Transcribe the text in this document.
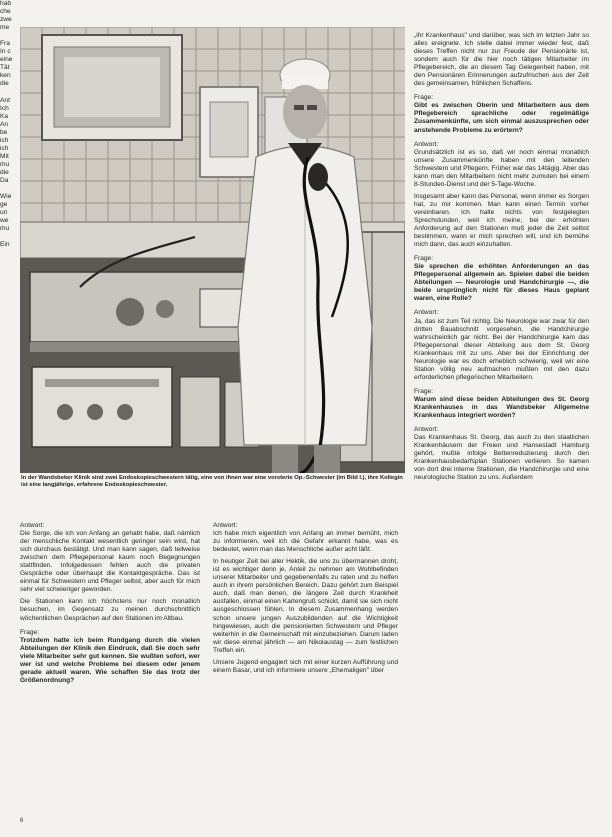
In der Wandsbeker Klinik sind zwei Endoskopieschwestern tätig, eine von ihnen war eine vorsterte Op.-Schwester (im Bild l.), ihre Kollegin ist eine langjährige, erfahrene Endoskopieschwester.
Antwort:

Die Sorge, die ich von Anfang an gehabt habe, daß nämlich der menschliche Kontakt wesentlich geringer sein wird, hat sich durchaus bestätigt. Und man kann sagen, daß teilweise zwischen dem Pflegepersonal kaum noch Begegnungen stattfinden. Infolgedessen fehlen auch die privaten Gespräche oder überhaupt die Kontaktgespräche. Das ist einmal für Schwestern und Pfleger selbst, aber auch für mich sehr viel schwieriger geworden.

Die Stationen kann ich höchstens nur noch monatlich besuchen, im Gegensatz zu meinen durchschnittlich wöchentlichen Gesprächen auf den Stationen im Altbau.

Frage:

Trotzdem hatte ich beim Rundgang durch die vielen Abteilungen der Klinik den Eindruck, daß Sie doch sehr viele Mitarbeiter sehr gut kennen. Sie wußten sofort, wer wer ist und welche Probleme bei diesem oder jenem gerade aktuell waren. Wie schaffen Sie das trotz der Größenordnung?

Antwort:

Ich habe mich eigentlich von Anfang an immer bemüht, mich zu informieren, weil ich die Gefahr erkannt habe, was es bedeutet, wenn man das Menschliche außer acht läßt.

In heutiger Zeit bei aller Hektik, die uns zu übermannen droht, ist es wichtiger denn je, Anteil zu nehmen am Wohlbefinden unserer Mitarbeiter und gegebenenfalls zu raten und zu helfen auch in ihrem persönlichen Bereich. Dazu gehört zum Beispiel auch, daß man denen, die längere Zeit durch Krankheit ausfallen, einmal einen Kartengruß schickt, damit sie sich nicht ausgeschlossen fühlen. In diesem Zusammenhang werden schon unsere jungen Auszubildenden auf die Wichtigkeit hingewiesen, auch die pensionierten Schwestern und Pfleger weiterhin in die Gemeinschaft mit einzubeziehen. Darum laden wir diese einmal jährlich — am Nikolaustag — zum festlichen Treffen ein.

Unsere Jugend engagiert sich mit einer kurzen Aufführung und einem Basar, und ich informiere unsere „Ehemaligen" über

„ihr Krankenhaus" und darüber, was sich im letzten Jahr so alles ereignete. Ich stelle dabei immer wieder fest, daß dieses Treffen nicht nur zur Freude der Pensionärte ist, sondern auch für die hier noch tätigen Mitarbeiter im Pflegebereich, die an diesem Tag Gelegenheit haben, mit den Pensionären Erinnerungen aufzufrischen aus der Zeit des gemeinsamen, fröhlichen Schaffens.

Frage:

Gibt es zwischen Oberin und Mitarbeitern aus dem Pflegebereich sprachliche oder regelmäßige Zusammenkünfte, um sich einmal auszusprechen oder anstehende Probleme zu erörtern?

Antwort:

Grundsätzlich ist es so, daß wir noch einmal monatlich unsere Zusammenkünfte haben mit den leitenden Schwestern und Pflegern. Früher war das 14tägig. Aber das kann man den Mitarbeitern nicht mehr zumuten bei einem 8-Stunden-Dienst und der 5-Tage-Woche.

Insgesamt aber kann das Personal, wenn immer es Sorgen hat, zu mir kommen. Man kann einen Termin vorher vereinbaren. Ich halte nichts von festgelegten Sprechstunden, weil ich meine, bei der erhöhten Anforderung auf den Stationen muß jeder die Zeit selbst bestimmen, wann er mich sprechen will, und ich bemühe mich dann, das auch einzuhalten.

Frage:

Sie sprechen die erhöhten Anforderungen an das Pflegepersonal allgemein an. Spielen dabei die beiden Abteilungen — Neurologie und Handchirurgie —, die beide ursprünglich nicht für dieses Haus geplant waren, eine Rolle?

Antwort:

Ja, das ist zum Teil richtig. Die Neurologie war zwar für den dritten Bauabschnitt vorgesehen, die Handchirurgie wahrscheinlich gar nicht. Bei der Handchirurgie kam das Pflegepersonal dieser Abteilung aus dem St. Georg Krankenhaus mit zu uns. Aber bei der Einrichtung der Neurologie war es doch erheblich schwierig, weil wir eine Station völlig neu aufmachen mußten mit den dazu erforderlichen pflegerischen Mitarbeitern.

Frage:

Warum sind diese beiden Abteilungen des St. Georg Krankenhauses in das Wandsbeker Allgemeine Krankenhaus integriert worden?

Antwort:

Das Krankenhaus St. Georg, das auch zu den staatlichen Krankenhäusern der Freien und Hansestadt Hamburg gehört, mußte infolge Bettenreduzierung durch den Krankenhausbedarfsplan Stationen verlieren. So kamen von dort drei interne Stationen, die Handchirurgie und eine neurologische Station zu uns. Außerdem

hab
che
zwe
me

Fra
In c
eine
Tät
ken
die

Ant
Ich
Ka
An
be
ich
ich
Mit
mu
die
Da

Wie
ge
un
we
mu

Ein
6
